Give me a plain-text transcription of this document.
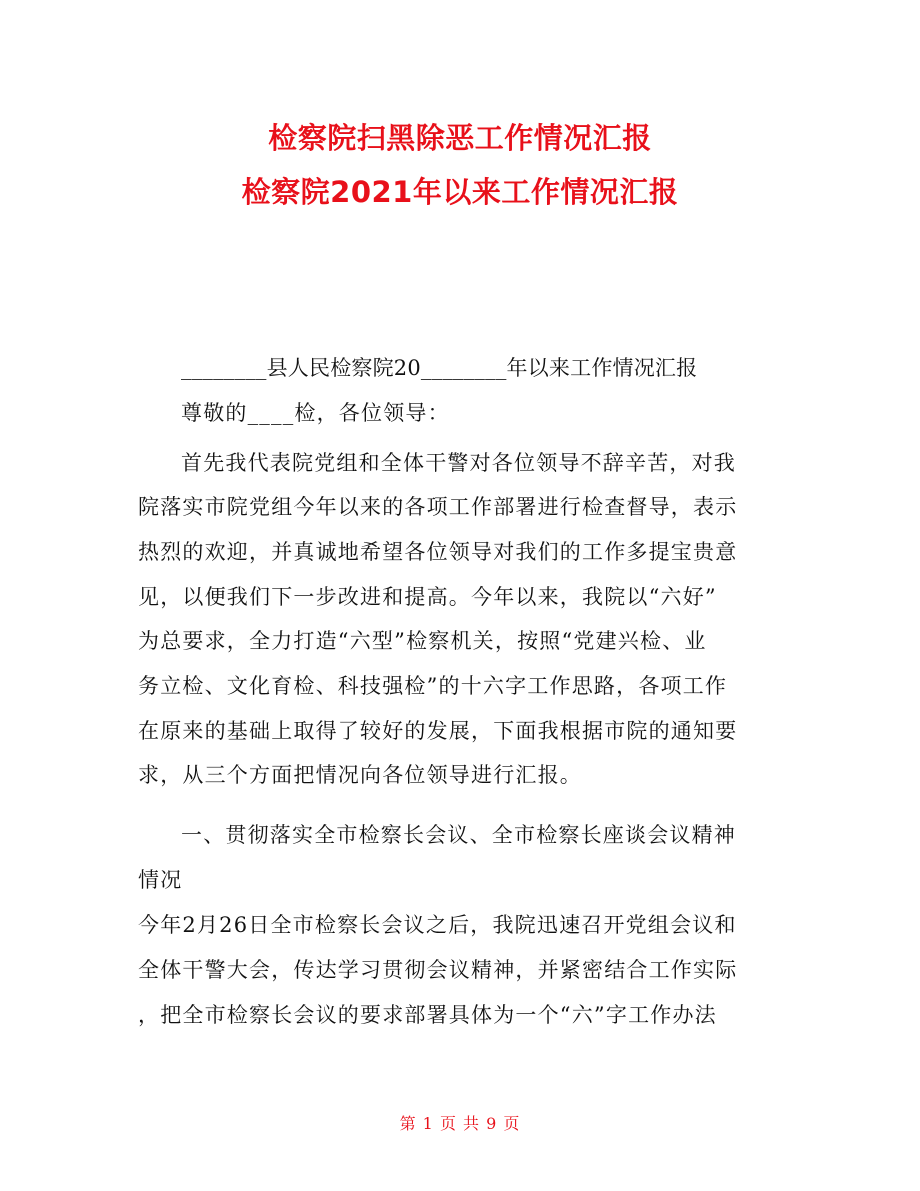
检察院扫黑除恶工作情况汇报
检察院2021年以来工作情况汇报
________县人民检察院20________年以来工作情况汇报
尊敬的____检，各位领导：
首先我代表院党组和全体干警对各位领导不辞辛苦，对我
院落实市院党组今年以来的各项工作部署进行检查督导，表示
热烈的欢迎，并真诚地希望各位领导对我们的工作多提宝贵意
见，以便我们下一步改进和提高。今年以来，我院以“六好”
为总要求，全力打造“六型”检察机关，按照“党建兴检、业
务立检、文化育检、科技强检”的十六字工作思路，各项工作
在原来的基础上取得了较好的发展，下面我根据市院的通知要
求，从三个方面把情况向各位领导进行汇报。
一、贯彻落实全市检察长会议、全市检察长座谈会议精神
情况
今年2月26日全市检察长会议之后，我院迅速召开党组会议和
全体干警大会，传达学习贯彻会议精神，并紧密结合工作实际
，把全市检察长会议的要求部署具体为一个“六”字工作办法
第 1 页 共 9 页
